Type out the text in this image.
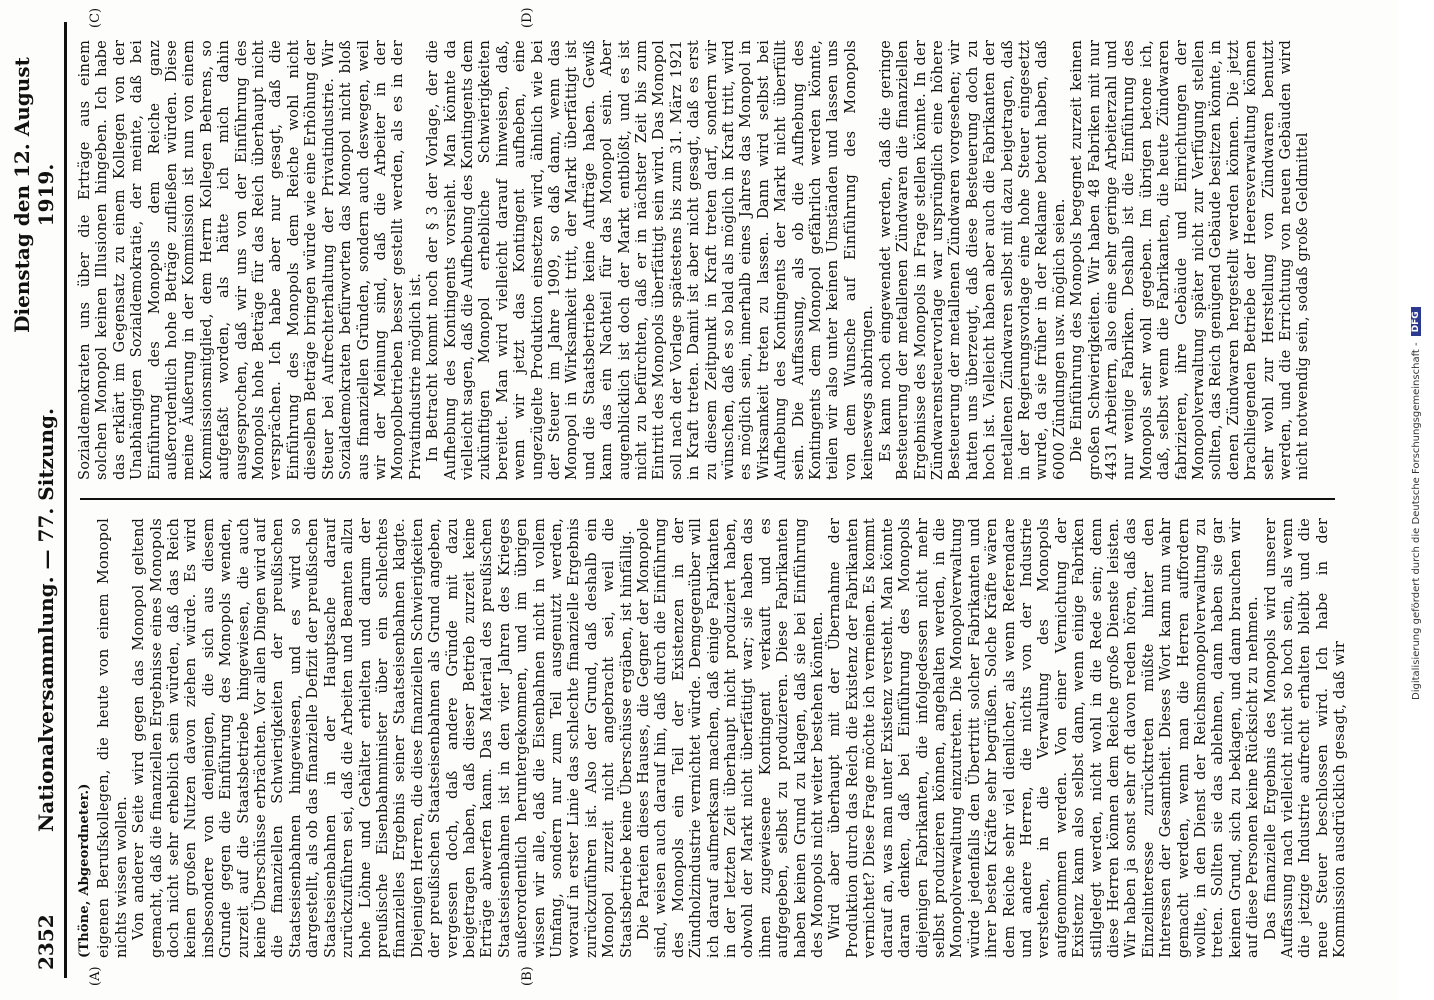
2352
Nationalversammlung. — 77. Sitzung.
Dienstag den 12. August 1919.
(A)	(B)
(C)	(D)
(Thöne, Abgeordneter.) eigenen Berufskollegen, die heute von einem Monopol nichts wissen wollen. Von anderer Seite wird gegen das Monopol geltend gemacht, daß die finanziellen Ergebnisse eines Monopols doch nicht sehr erheblich sein würden, daß das Reich keinen großen Nutzen davon ziehen würde. Es wird insbesondere von denjenigen, die sich aus diesem Grunde gegen die Einführung des Monopols wenden, zurzeit auf die Staatsbetriebe hingewiesen, die auch keine Überschüsse erbrächten. Vor allen Dingen wird auf die finanziellen Schwierigkeiten der preußischen Staatseisenbahnen hingewiesen, und es wird so dargestellt, als ob das finanzielle Defizit der preußischen Staatseisenbahnen in der Hauptsache darauf zurückzuführen sei, daß die Arbeiten und Beamten allzu hohe Löhne und Gehälter erhielten und darum der preußische Eisenbahnminister über ein schlechtes finanzielles Ergebnis seiner Staatseisenbahnen klagte. Diejenigen Herren, die diese finanziellen Schwierigkeiten der preußischen Staatseisenbahnen als Grund angeben, vergessen doch, daß andere Gründe mit dazu beigetragen haben, daß dieser Betrieb zurzeit keine Erträge abwerfen kann. Das Material des preußischen Staatseisenbahnen ist in den vier Jahren des Krieges außerordentlich heruntergekommen, und im übrigen wissen wir alle, daß die Eisenbahnen nicht in vollem Umfang, sondern nur zum Teil ausgenutzt werden, worauf in erster Linie das schlechte finanzielle Ergebnis zurückzuführen ist. Also der Grund, daß deshalb ein Monopol zurzeit nicht angebracht sei, weil die Staatsbetriebe keine Überschüsse ergäben, ist hinfällig. Die Parteien dieses Hauses, die Gegner der Monopole sind, weisen auch darauf hin, daß durch die Einführung des Monopols ein Teil der Existenzen in der Zündholzindustrie vernichtet würde. Demgegenüber will ich darauf aufmerksam machen, daß einige Fabrikanten in der letzten Zeit überhaupt nicht produziert haben, obwohl der Markt nicht überfättigt war; sie haben das ihnen zugewiesene Kontingent verkauft und es aufgegeben, selbst zu produzieren. Diese Fabrikanten haben keinen Grund zu klagen, daß sie bei Einführung des Monopols nicht weiter bestehen könnten. Wird aber überhaupt mit der Übernahme der Produktion durch das Reich die Existenz der Fabrikanten vernichtet? Diese Frage möchte ich verneinen. Es kommt darauf an, was man unter Existenz versteht. Man könnte daran denken, daß bei Einführung des Monopols diejenigen Fabrikanten, die infolgedessen nicht mehr selbst produzieren können, angehalten werden, in die Monopolverwaltung einzutreten. Die Monopolverwaltung würde jedenfalls den Übertritt solcher Fabrikanten und ihrer besten Kräfte sehr begrüßen. Solche Kräfte wären dem Reiche sehr viel dienlicher, als wenn Referendare und andere Herren, die nichts von der Industrie verstehen, in die Verwaltung des Monopols aufgenommen werden. Von einer Vernichtung der Existenz kann also selbst dann, wenn einige Fabriken stillgelegt werden, nicht wohl in die Rede sein; denn diese Herren können dem Reiche große Dienste leisten. Wir haben ja sonst sehr oft davon reden hören, daß das Einzelinteresse zurücktreten müßte hinter den Interessen der Gesamtheit. Dieses Wort kann nun wahr gemacht werden, wenn man die Herren auffordern wollte, in den Dienst der Reichsmonopolverwaltung zu treten. Sollten sie das ablehnen, dann haben sie gar keinen Grund, sich zu beklagen, und dann brauchen wir auf diese Personen keine Rücksicht zu nehmen. Das finanzielle Ergebnis des Monopols wird unserer Auffassung nach vielleicht nicht so hoch sein, als wenn die jetzige Industrie aufrecht erhalten bleibt und die neue Steuer beschlossen wird. Ich habe in der Kommission ausdrücklich gesagt, daß wir

Sozialdemokraten uns über die Erträge aus einem solchen Monopol keinen Illusionen hingeben. Ich habe das erklärt im Gegensatz zu einem Kollegen von der Unabhängigen Sozialdemokratie, der meinte, daß bei Einführung des Monopols dem Reiche ganz außerordentlich hohe Beträge zufließen würden. Diese meine Äußerung in der Kommission ist nun von einem Kommissionsmitglied, dem Herrn Kollegen Behrens, so aufgefaßt worden, als hätte ich mich dahin ausgesprochen, daß wir uns von der Einführung des Monopols hohe Beträge für das Reich überhaupt nicht versprächen. Ich habe aber nur gesagt, daß die Einführung des Monopols dem Reiche wohl nicht dieselben Beträge bringen würde wie eine Erhöhung der Steuer bei Aufrechterhaltung der Privatindustrie. Wir Sozialdemokraten befürworten das Monopol nicht bloß aus finanziellen Gründen, sondern auch deswegen, weil wir der Meinung sind, daß die Arbeiter in der Monopolbetrieben besser gestellt werden, als es in der Privatindustrie möglich ist. In Betracht kommt noch der § 3 der Vorlage, der die Aufhebung des Kontingents vorsieht. Man könnte da vielleicht sagen, daß die Aufhebung des Kontingents dem zukünftigen Monopol erhebliche Schwierigkeiten bereitet. Man wird vielleicht darauf hinweisen, daß, wenn wir jetzt das Kontingent aufheben, eine ungezügelte Produktion einsetzen wird, ähnlich wie bei der Steuer im Jahre 1909, so daß dann, wenn das Monopol in Wirksamkeit tritt, der Markt überfättigt ist und die Staatsbetriebe keine Aufträge haben. Gewiß kann das ein Nachteil für das Monopol sein. Aber augenblicklich ist doch der Markt entblößt, und es ist nicht zu befürchten, daß er in nächster Zeit bis zum Eintritt des Monopols überfättigt sein wird. Das Monopol soll nach der Vorlage spätestens bis zum 31. März 1921 in Kraft treten. Damit ist aber nicht gesagt, daß es erst zu diesem Zeitpunkt in Kraft treten darf, sondern wir wünschen, daß es so bald als möglich in Kraft tritt, wird es möglich sein, innerhalb eines Jahres das Monopol in Wirksamkeit treten zu lassen. Dann wird selbst bei Aufhebung des Kontingents der Markt nicht überfüllt sein. Die Auffassung, als ob die Aufhebung des Kontingents dem Monopol gefährlich werden könnte, teilen wir also unter keinen Umständen und lassen uns von dem Wunsche auf Einführung des Monopols keineswegs abbringen. Es kann noch eingewendet werden, daß die geringe Besteuerung der metallenen Zündwaren die finanziellen Ergebnisse des Monopols in Frage stellen könnte. In der Zündwarensteuervorlage war ursprünglich eine höhere Besteuerung der metallenen Zündwaren vorgesehen; wir hatten uns überzeugt, daß diese Besteuerung doch zu hoch ist. Vielleicht haben aber auch die Fabrikanten der metallenen Zündwaren selbst mit dazu beigetragen, daß in der Regierungsvorlage eine hohe Steuer eingesetzt wurde, da sie früher in der Reklame betont haben, daß 6000 Zündungen usw. möglich seien. Die Einführung des Monopols begegnet zurzeit keinen großen Schwierigkeiten. Wir haben 48 Fabriken mit nur 4431 Arbeitern, also eine sehr geringe Arbeiterzahl und nur wenige Fabriken. Deshalb ist die Einführung des Monopols sehr wohl gegeben. Im übrigen betone ich, daß, selbst wenn die Fabrikanten, die heute Zündwaren fabrizieren, ihre Gebäude und Einrichtungen der Monopolverwaltung später nicht zur Verfügung stellen sollten, das Reich genügend Gebäude besitzen könnte, in denen Zündwaren hergestellt werden können. Die jetzt brachliegenden Betriebe der Heeresverwaltung können sehr wohl zur Herstellung von Zündwaren benutzt werden, und die Errichtung von neuen Gebäuden wird nicht notwendig sein, sodaß große Geldmittel

Digitalisierung gefördert durch die Deutsche Forschungsgemeinschaft -
DFG
